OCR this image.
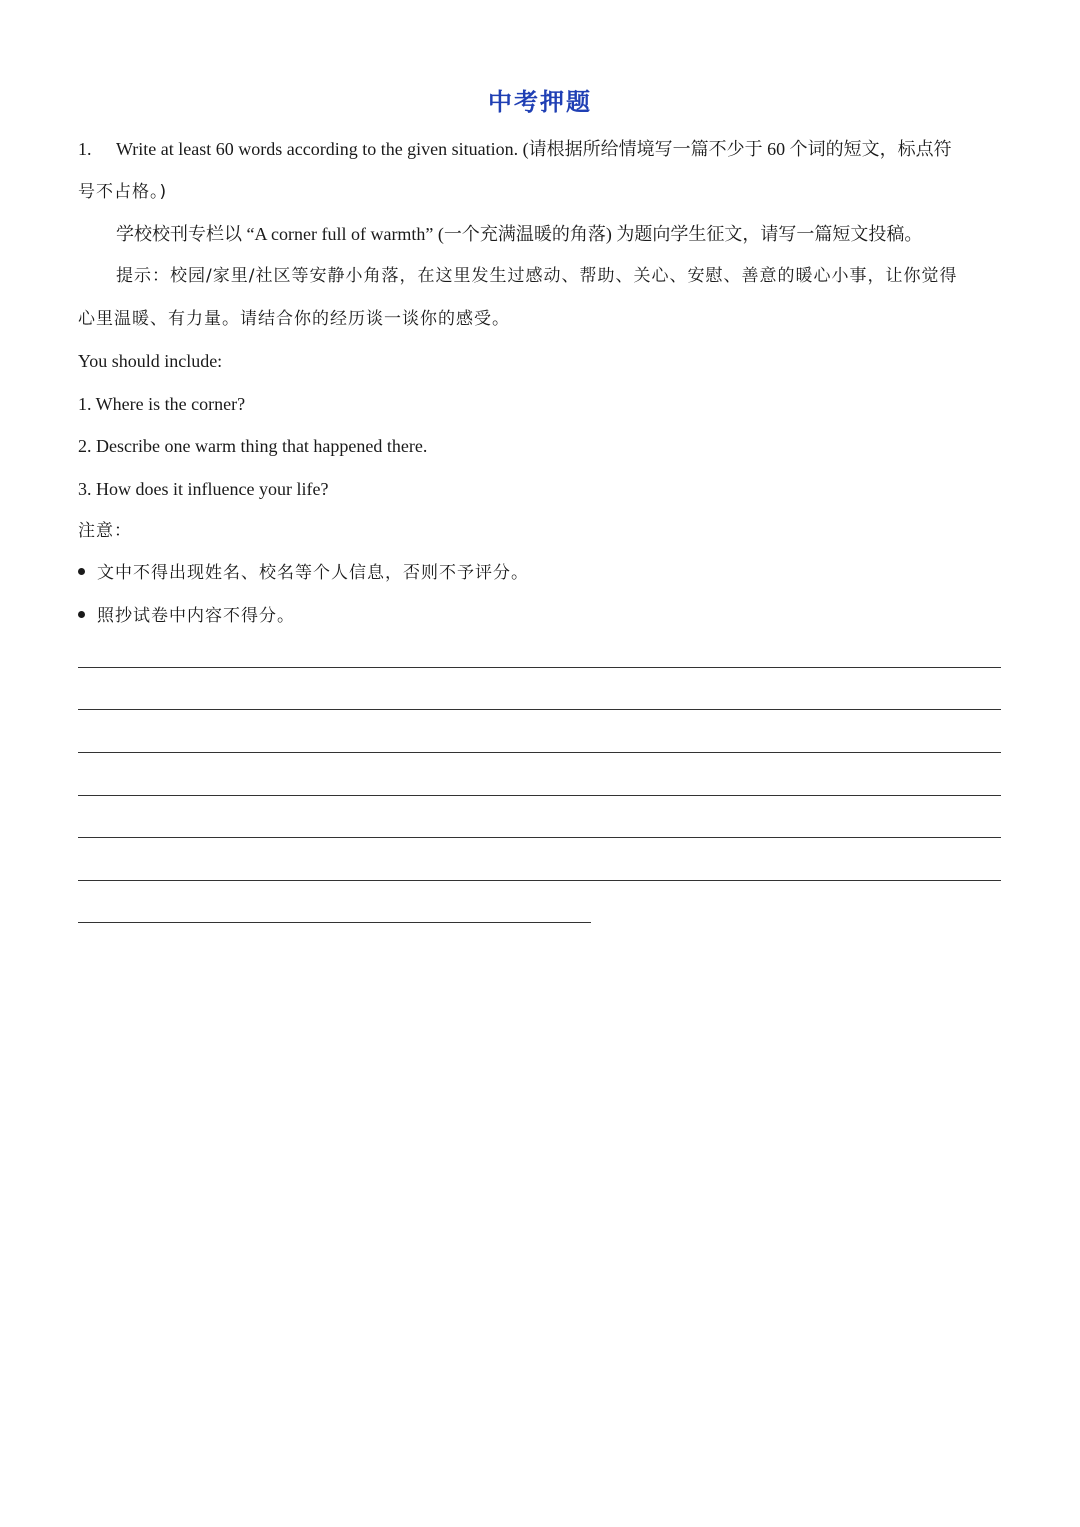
中考押题
1. Write at least 60 words according to the given situation. (请根据所给情境写一篇不少于 60 个词的短文，标点符
号不占格。)
学校校刊专栏以 “A corner full of warmth” (一个充满温暖的角落) 为题向学生征文，请写一篇短文投稿。
提示：校园/家里/社区等安静小角落，在这里发生过感动、帮助、关心、安慰、善意的暖心小事，让你觉得
心里温暖、有力量。请结合你的经历谈一谈你的感受。
You should include:
1. Where is the corner?
2. Describe one warm thing that happened there.
3. How does it influence your life?
注意：
文中不得出现姓名、校名等个人信息，否则不予评分。
照抄试卷中内容不得分。
